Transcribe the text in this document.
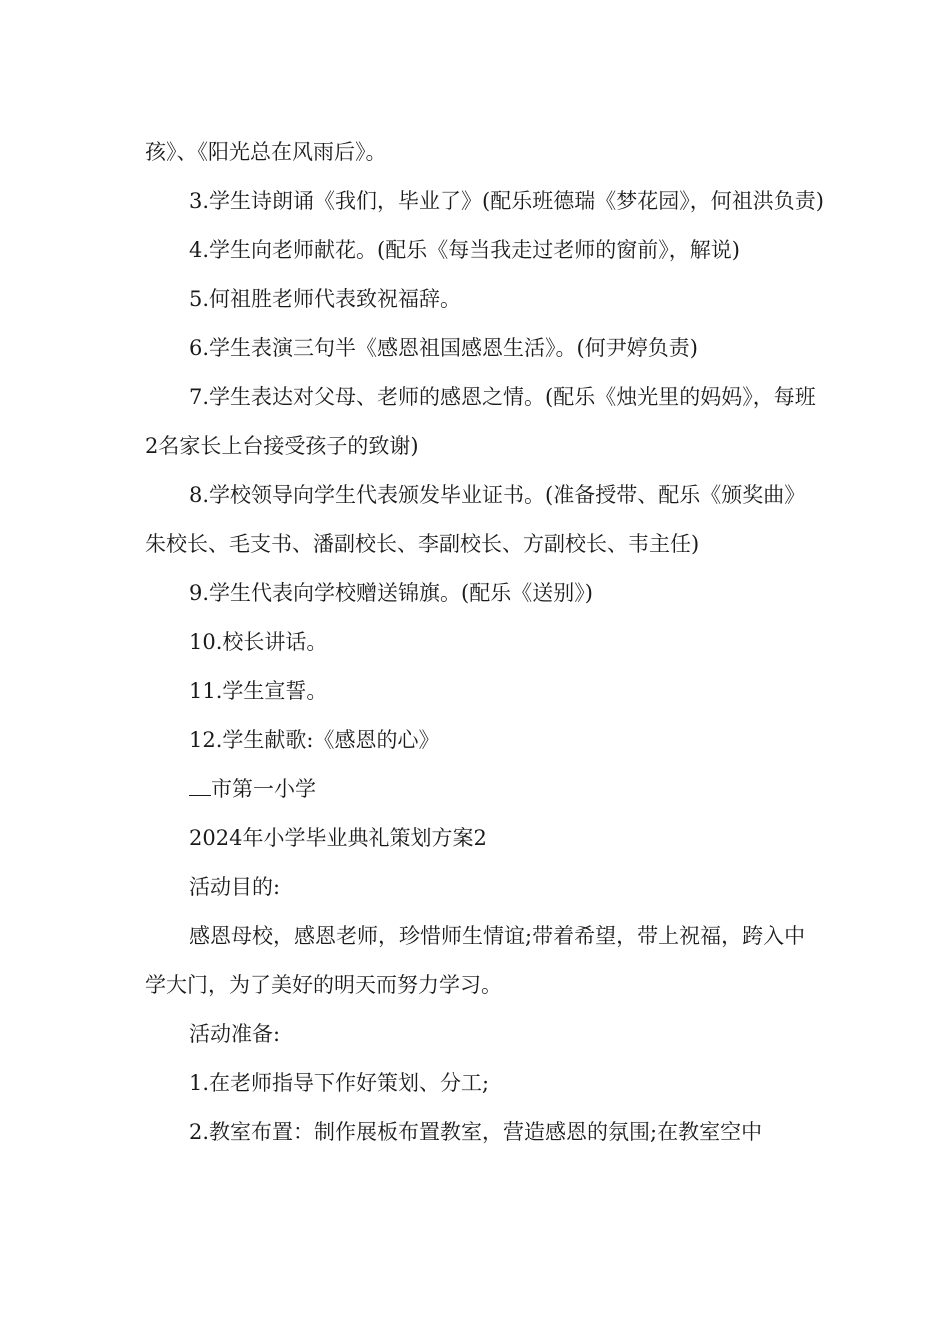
孩》、《阳光总在风雨后》。

3.学生诗朗诵《我们，毕业了》(配乐班德瑞《梦花园》，何祖洪负责)

4.学生向老师献花。(配乐《每当我走过老师的窗前》，解说)

5.何祖胜老师代表致祝福辞。

6.学生表演三句半《感恩祖国感恩生活》。(何尹婷负责)

7.学生表达对父母、老师的感恩之情。(配乐《烛光里的妈妈》，每班2名家长上台接受孩子的致谢)

8.学校领导向学生代表颁发毕业证书。(准备授带、配乐《颁奖曲》朱校长、毛支书、潘副校长、李副校长、方副校长、韦主任)

9.学生代表向学校赠送锦旗。(配乐《送别》)

10.校长讲话。

11.学生宣誓。

12.学生献歌:《感恩的心》

市第一小学

2024年小学毕业典礼策划方案2

活动目的:

感恩母校，感恩老师，珍惜师生情谊;带着希望，带上祝福，跨入中学大门，为了美好的明天而努力学习。

活动准备:

1.在老师指导下作好策划、分工;

2.教室布置：制作展板布置教室，营造感恩的氛围;在教室空中
